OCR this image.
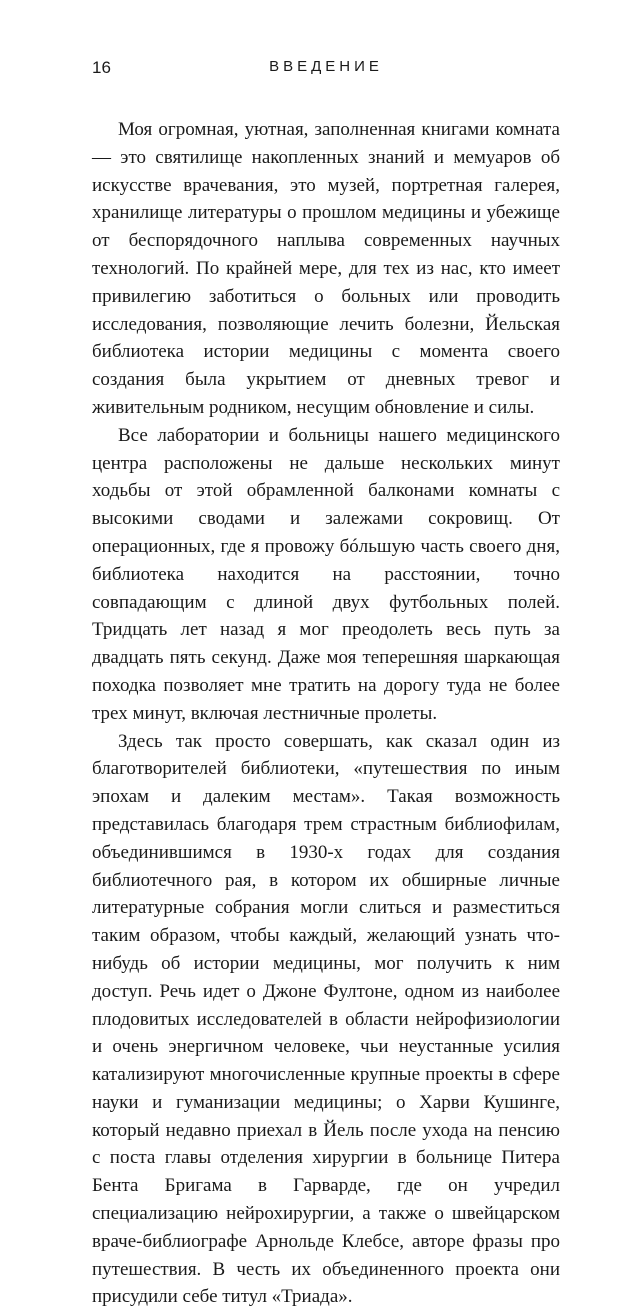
16	ВВЕДЕНИЕ

Моя огромная, уютная, заполненная книгами комната — это святилище накопленных знаний и мемуаров об искусстве врачевания, это музей, портретная галерея, хранилище литературы о прошлом медицины и убежище от беспорядочного наплыва современных научных технологий. По крайней мере, для тех из нас, кто имеет привилегию заботиться о больных или проводить исследования, позволяющие лечить болезни, Йельская библиотека истории медицины с момента своего создания была укрытием от дневных тревог и живительным родником, несущим обновление и силы.

Все лаборатории и больницы нашего медицинского центра расположены не дальше нескольких минут ходьбы от этой обрамленной балконами комнаты с высокими сводами и залежами сокровищ. От операционных, где я провожу бóльшую часть своего дня, библиотека находится на расстоянии, точно совпадающим с длиной двух футбольных полей. Тридцать лет назад я мог преодолеть весь путь за двадцать пять секунд. Даже моя теперешняя шаркающая походка позволяет мне тратить на дорогу туда не более трех минут, включая лестничные пролеты.

Здесь так просто совершать, как сказал один из благотворителей библиотеки, «путешествия по иным эпохам и далеким местам». Такая возможность представилась благодаря трем страстным библиофилам, объединившимся в 1930-х годах для создания библиотечного рая, в котором их обширные личные литературные собрания могли слиться и разместиться таким образом, чтобы каждый, желающий узнать что-нибудь об истории медицины, мог получить к ним доступ. Речь идет о Джоне Фултоне, одном из наиболее плодовитых исследователей в области нейрофизиологии и очень энергичном человеке, чьи неустанные усилия катализируют многочисленные крупные проекты в сфере науки и гуманизации медицины; о Харви Кушинге, который недавно приехал в Йель после ухода на пенсию с поста главы отделения хирургии в больнице Питера Бента Бригама в Гарварде, где он учредил специализацию нейрохирургии, а также о швейцарском враче-библиографе Арнольде Клебсе, авторе фразы про путешествия. В честь их объединенного проекта они присудили себе титул «Триада».
